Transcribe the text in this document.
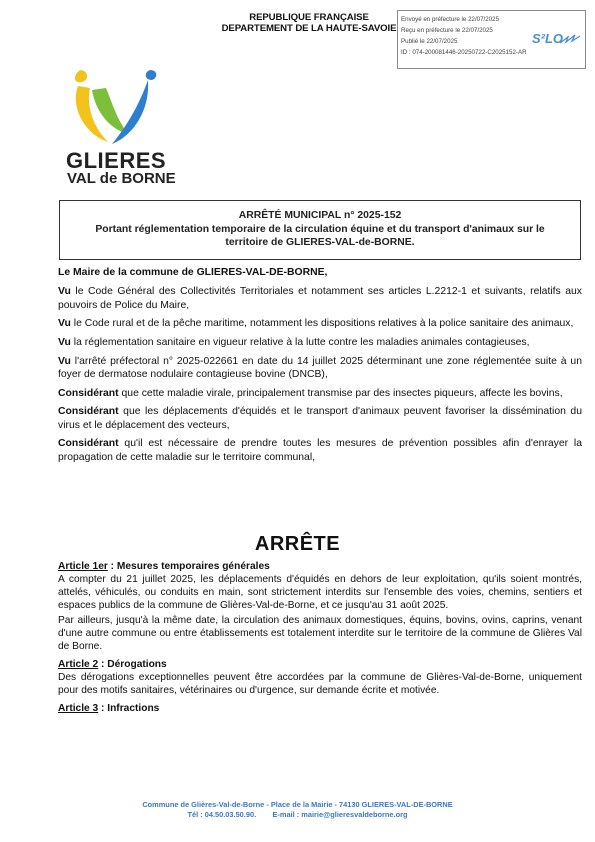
REPUBLIQUE FRANÇAISE
DEPARTEMENT DE LA HAUTE-SAVOIE
Envoyé en préfecture le 22/07/2025
Reçu en préfecture le 22/07/2025
Publié le 22/07/2025
ID : 074-200081446-20250722-C2025152-AR
S²LO
GLIERES
VAL de BORNE
ARRÊTÉ MUNICIPAL n° 2025-152
Portant réglementation temporaire de la circulation équine et du transport d'animaux sur le territoire de GLIERES-VAL-de-BORNE.
Le Maire de la commune de GLIERES-VAL-DE-BORNE,
Vu le Code Général des Collectivités Territoriales et notamment ses articles L.2212-1 et suivants, relatifs aux pouvoirs de Police du Maire,
Vu le Code rural et de la pêche maritime, notamment les dispositions relatives à la police sanitaire des animaux,
Vu la réglementation sanitaire en vigueur relative à la lutte contre les maladies animales contagieuses,
Vu l'arrêté préfectoral n° 2025-022661 en date du 14 juillet 2025 déterminant une zone réglementée suite à un foyer de dermatose nodulaire contagieuse bovine (DNCB),
Considérant que cette maladie virale, principalement transmise par des insectes piqueurs, affecte les bovins,
Considérant que les déplacements d'équidés et le transport d'animaux peuvent favoriser la dissémination du virus et le déplacement des vecteurs,
Considérant qu'il est nécessaire de prendre toutes les mesures de prévention possibles afin d'enrayer la propagation de cette maladie sur le territoire communal,
ARRÊTE
Article 1er : Mesures temporaires générales
A compter du 21 juillet 2025, les déplacements d'équidés en dehors de leur exploitation, qu'ils soient montrés, attelés, véhiculés, ou conduits en main, sont strictement interdits sur l'ensemble des voies, chemins, sentiers et espaces publics de la commune de Glières-Val-de-Borne, et ce jusqu'au 31 août 2025.
Par ailleurs, jusqu'à la même date, la circulation des animaux domestiques, équins, bovins, ovins, caprins, venant d'une autre commune ou entre établissements est totalement interdite sur le territoire de la commune de Glières Val de Borne.
Article 2 : Dérogations
Des dérogations exceptionnelles peuvent être accordées par la commune de Glières-Val-de-Borne, uniquement pour des motifs sanitaires, vétérinaires ou d'urgence, sur demande écrite et motivée.
Article 3 : Infractions
Commune de Glières-Val-de-Borne - Place de la Mairie - 74130 GLIERES-VAL-DE-BORNE
Tél : 04.50.03.50.90.        E-mail : mairie@glieresvaldeborne.org
